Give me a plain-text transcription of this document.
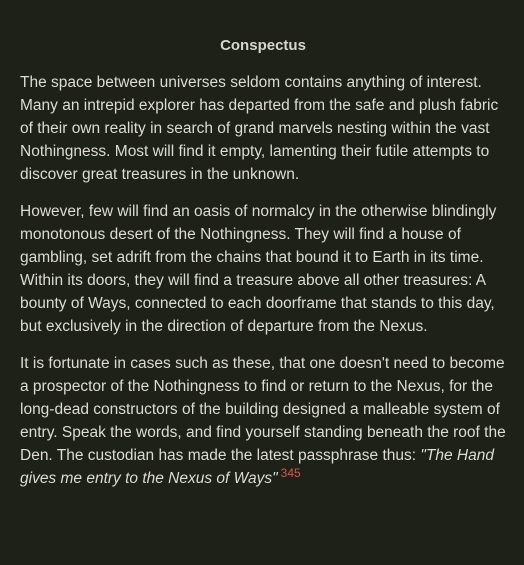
Conspectus

The space between universes seldom contains anything of interest. Many an intrepid explorer has departed from the safe and plush fabric of their own reality in search of grand marvels nesting within the vast Nothingness. Most will find it empty, lamenting their futile attempts to discover great treasures in the unknown.

However, few will find an oasis of normalcy in the otherwise blindingly monotonous desert of the Nothingness. They will find a house of gambling, set adrift from the chains that bound it to Earth in its time. Within its doors, they will find a treasure above all other treasures: A bounty of Ways, connected to each doorframe that stands to this day, but exclusively in the direction of departure from the Nexus.

It is fortunate in cases such as these, that one doesn't need to become a prospector of the Nothingness to find or return to the Nexus, for the long-dead constructors of the building designed a malleable system of entry. Speak the words, and find yourself standing beneath the roof the Den. The custodian has made the latest passphrase thus: "The Hand gives me entry to the Nexus of Ways" $^{345}$
